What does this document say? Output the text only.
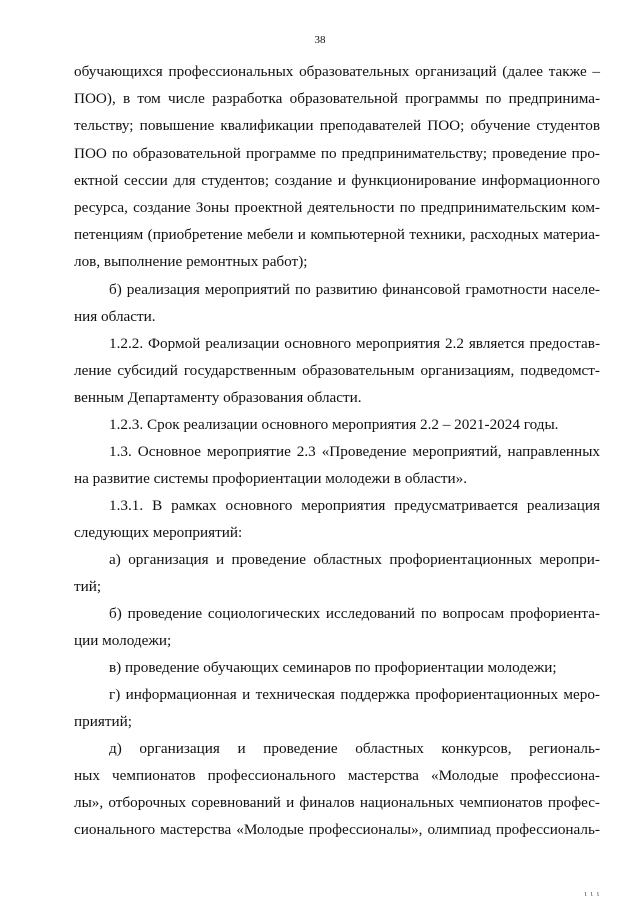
38
обучающихся профессиональных образовательных организаций (далее также –
ПОО), в том числе разработка образовательной программы по предпринима-
тельству; повышение квалификации преподавателей ПОО; обучение студентов
ПОО по образовательной программе по предпринимательству; проведение про-
ектной сессии для студентов; создание и функционирование информационного
ресурса, создание Зоны проектной деятельности по предпринимательским ком-
петенциям (приобретение мебели и компьютерной техники, расходных материа-
лов, выполнение ремонтных работ);
б) реализация мероприятий по развитию финансовой грамотности населе-
ния области.
1.2.2. Формой реализации основного мероприятия 2.2 является предостав-
ление субсидий государственным образовательным организациям, подведомст-
венным Департаменту образования области.
1.2.3. Срок реализации основного мероприятия 2.2 – 2021-2024 годы.
1.3. Основное мероприятие 2.3 «Проведение мероприятий, направленных
на развитие системы профориентации молодежи в области».
1.3.1. В рамках основного мероприятия предусматривается реализация
следующих мероприятий:
а) организация и проведение областных профориентационных меропри-
тий;
б) проведение социологических исследований по вопросам профориента-
ции молодежи;
в) проведение обучающих семинаров по профориентации молодежи;
г) информационная и техническая поддержка профориентационных меро-
приятий;
д) организация и проведение областных конкурсов, региональ-
ных чемпионатов профессионального мастерства «Молодые профессиона-
лы», отборочных соревнований и финалов национальных чемпионатов профес-
сионального мастерства «Молодые профессионалы», олимпиад профессиональ-
ι ι ι
